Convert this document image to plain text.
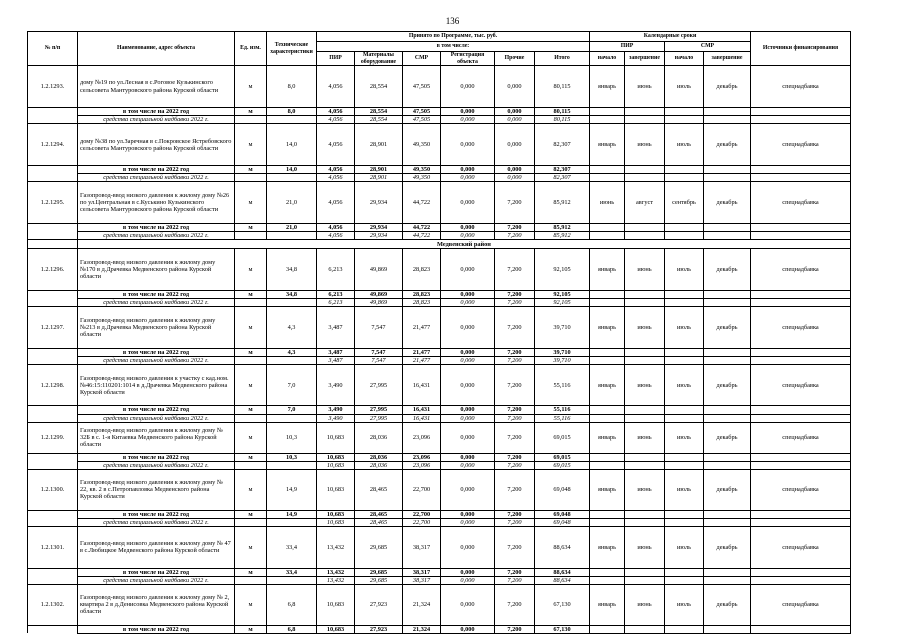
136
№ п/п	Наименование, адрес объекта	Ед. изм.	Технические характеристики	Принято по Программе, тыс. руб.						Календарные сроки				Источники финансирования
				в том числе:						ПИР		СМР		
				ПИР	Материалы оборудование	СМР	Регистрация объекта	Прочие	Итого	начало	завершение	начало	завершение	
1.2.1293.	дому №19 по ул.Лесная в с.Роговое Кузькинского сельсовета Мантуровского района Курской области	м	8,0	4,056	28,554	47,505	0,000	0,000	80,115	январь	июнь	июль	декабрь	спецнадбавка
	в том числе на 2022 год	м	8,0	4,056	28,554	47,505	0,000	0,000	80,115					
	средства специальной надбавки 2022 г.			4,056	28,554	47,505	0,000	0,000	80,115					
1.2.1294.	дому №38 по ул.Заречная в с.Покровское Ястребовского сельсовета Мантуровского района Курской области	м	14,0	4,056	28,901	49,350	0,000	0,000	82,307	январь	июнь	июль	декабрь	спецнадбавка
	в том числе на 2022 год	м	14,0	4,056	28,901	49,350	0,000	0,000	82,307					
	средства специальной надбавки 2022 г.			4,056	28,901	49,350	0,000	0,000	82,307					
1.2.1295.	Газопровод-ввод низкого давления к жилому дому №26 по ул.Центральная в с.Куськино Кузькинского сельсовета Мантуровского района Курской области	м	21,0	4,056	29,934	44,722	0,000	7,200	85,912	июнь	август	сентябрь	декабрь	спецнадбавка
	в том числе на 2022 год	м	21,0	4,056	29,934	44,722	0,000	7,200	85,912					
	средства специальной надбавки 2022 г.			4,056	29,934	44,722	0,000	7,200	85,912					
	Медвенский район													
1.2.1296.	Газопровод-ввод низкого давления к жилому дому №170 в д.Драчевка Медвенского района Курской области	м	34,8	6,213	49,869	28,823	0,000	7,200	92,105	январь	июнь	июль	декабрь	спецнадбавка
	в том числе на 2022 год	м	34,8	6,213	49,869	28,823	0,000	7,200	92,105					
	средства специальной надбавки 2022 г.			6,213	49,869	28,823	0,000	7,200	92,105					
1.2.1297.	Газопровод-ввод низкого давления к жилому дому №213 в д.Драчевка Медвенского района Курской области	м	4,3	3,487	7,547	21,477	0,000	7,200	39,710	январь	июнь	июль	декабрь	спецнадбавка
	в том числе на 2022 год	м	4,3	3,487	7,547	21,477	0,000	7,200	39,710					
	средства специальной надбавки 2022 г.			3,487	7,547	21,477	0,000	7,200	39,710					
1.2.1298.	Газопровод-ввод низкого давления к участку с кад.ном. №46:15:110201:1014 в д.Драчевка Медвенского района Курской области	м	7,0	3,490	27,995	16,431	0,000	7,200	55,116	январь	июнь	июль	декабрь	спецнадбавка
	в том числе на 2022 год	м	7,0	3,490	27,995	16,431	0,000	7,200	55,116					
	средства специальной надбавки 2022 г.			3,490	27,995	16,431	0,000	7,200	55,116					
1.2.1299.	Газопровод-ввод низкого давления к жилому дому № 32Б в с. 1-я Китаевка Медвенского района Курской области	м	10,3	10,683	28,036	23,096	0,000	7,200	69,015	январь	июнь	июль	декабрь	спецнадбавка
	в том числе на 2022 год	м	10,3	10,683	28,036	23,096	0,000	7,200	69,015					
	средства специальной надбавки 2022 г.			10,683	28,036	23,096	0,000	7,200	69,015					
1.2.1300.	Газопровод-ввод низкого давления к жилому дому № 22, кв. 2 в с.Петропавловка Медвенского района Курской области	м	14,9	10,683	28,465	22,700	0,000	7,200	69,048	январь	июнь	июль	декабрь	спецнадбавка
	в том числе на 2022 год	м	14,9	10,683	28,465	22,700	0,000	7,200	69,048					
	средства специальной надбавки 2022 г.			10,683	28,465	22,700	0,000	7,200	69,048					
1.2.1301.	Газопровод-ввод низкого давления к жилому дому № 47 в с.Любицкое Медвенского района Курской области	м	33,4	13,432	29,685	38,317	0,000	7,200	88,634	январь	июнь	июль	декабрь	спецнадбавка
	в том числе на 2022 год	м	33,4	13,432	29,685	38,317	0,000	7,200	88,634					
	средства специальной надбавки 2022 г.			13,432	29,685	38,317	0,000	7,200	88,634					
1.2.1302.	Газопровод-ввод низкого давления к жилому дому № 2, квартира 2 в д.Денисовка Медвенского района Курской области	м	6,8	10,683	27,923	21,324	0,000	7,200	67,130	январь	июнь	июль	декабрь	спецнадбавка
	в том числе на 2022 год	м	6,8	10,683	27,923	21,324	0,000	7,200	67,130					
